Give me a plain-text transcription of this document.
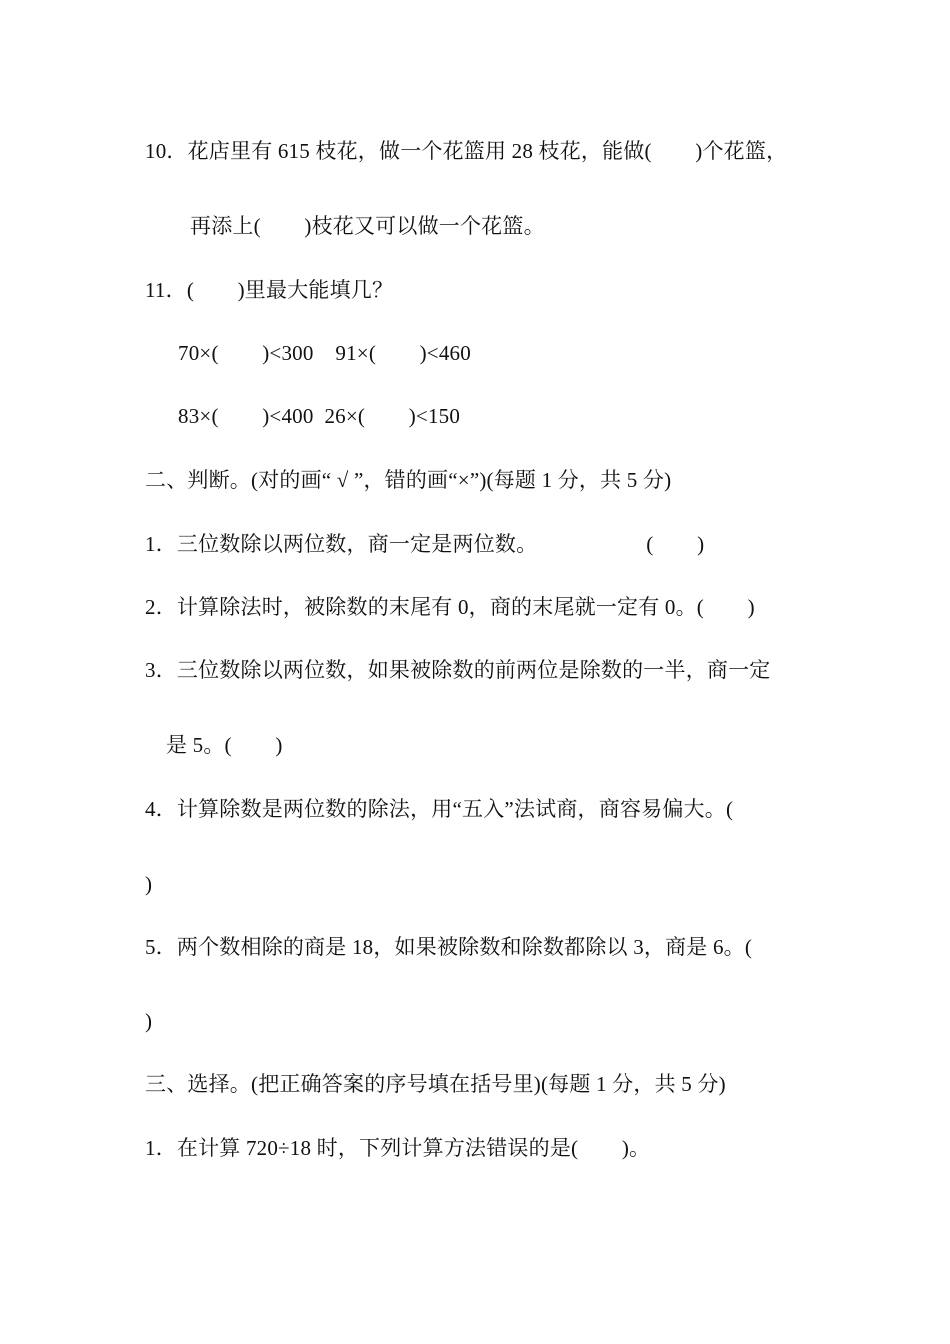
10．花店里有 615 枝花，做一个花篮用 28 枝花，能做(        )个花篮，
再添上(        )枝花又可以做一个花篮。
11．(        )里最大能填几？
70×(        )<300    91×(        )<460
83×(        )<400  26×(        )<150
二、判断。(对的画“ √ ”，错的画“×”)(每题 1 分，共 5 分)
1．三位数除以两位数，商一定是两位数。                    (        )
2．计算除法时，被除数的末尾有 0，商的末尾就一定有 0。(        )
3．三位数除以两位数，如果被除数的前两位是除数的一半，商一定
是 5。(        )
4．计算除数是两位数的除法，用“五入”法试商，商容易偏大。(
)
5．两个数相除的商是 18，如果被除数和除数都除以 3，商是 6。(
)
三、选择。(把正确答案的序号填在括号里)(每题 1 分，共 5 分)
1．在计算 720÷18 时，下列计算方法错误的是(        )。
